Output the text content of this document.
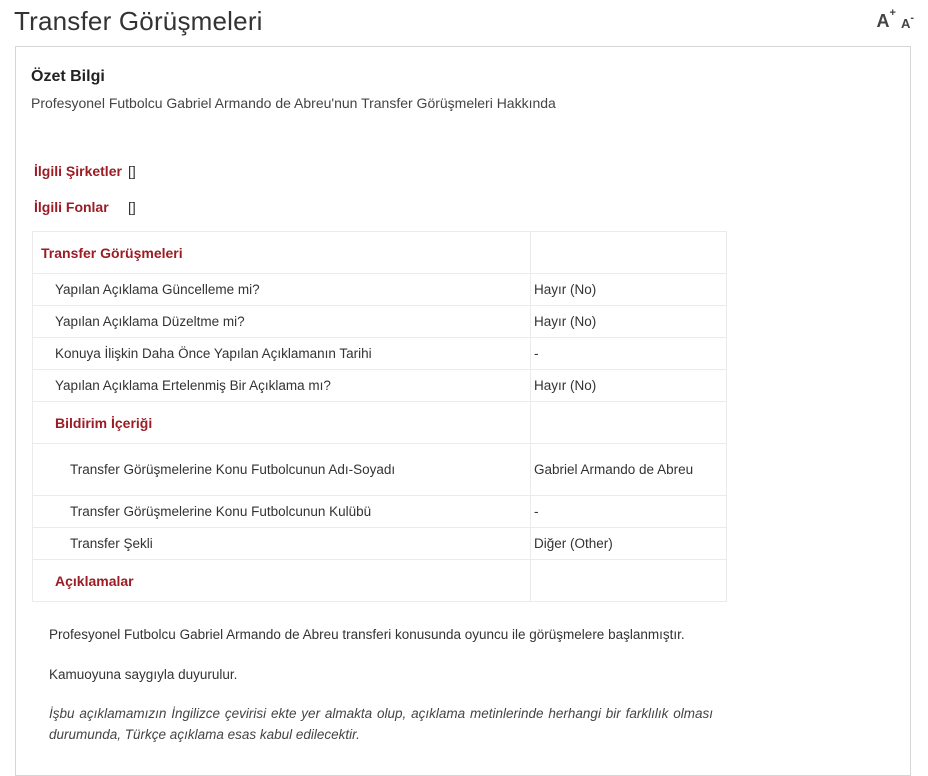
Transfer Görüşmeleri	A+
A-
Özet Bilgi
Profesyonel Futbolcu Gabriel Armando de Abreu'nun Transfer Görüşmeleri Hakkında
İlgili Şirketler []
İlgili Fonlar []
Transfer Görüşmeleri	
Yapılan Açıklama Güncelleme mi?	Hayır (No)
Yapılan Açıklama Düzeltme mi?	Hayır (No)
Konuya İlişkin Daha Önce Yapılan Açıklamanın Tarihi	-
Yapılan Açıklama Ertelenmiş Bir Açıklama mı?	Hayır (No)
Bildirim İçeriği	
Transfer Görüşmelerine Konu Futbolcunun Adı-Soyadı	Gabriel Armando de Abreu
Transfer Görüşmelerine Konu Futbolcunun Kulübü	-
Transfer Şekli	Diğer (Other)
Açıklamalar	
Profesyonel Futbolcu Gabriel Armando de Abreu transferi konusunda oyuncu ile görüşmelere başlanmıştır.
Kamuoyuna saygıyla duyurulur.
İşbu açıklamamızın İngilizce çevirisi ekte yer almakta olup, açıklama metinlerinde herhangi bir farklılık olması durumunda, Türkçe açıklama esas kabul edilecektir.
